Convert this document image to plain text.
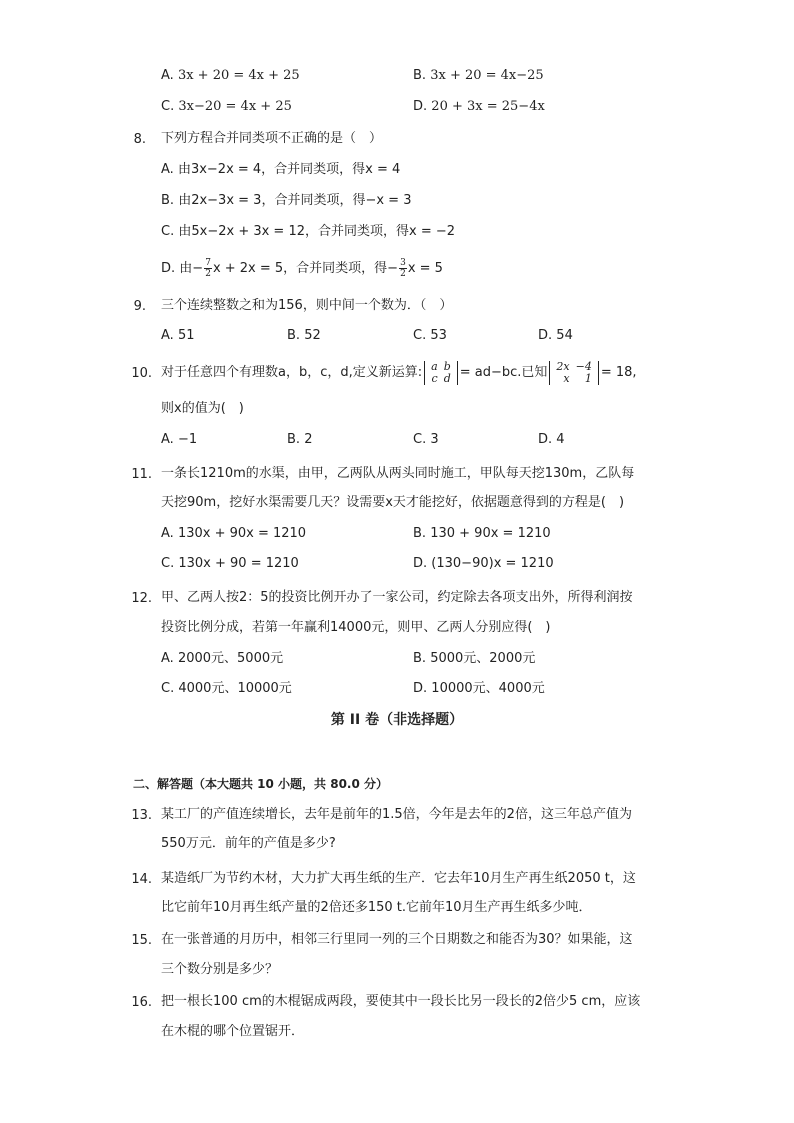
A. 3x + 20 = 4x + 25	B. 3x + 20 = 4x−25
C. 3x−20 = 4x + 25	D. 20 + 3x = 25−4x
8. 下列方程合并同类项不正确的是（　）
A. 由3x−2x = 4，合并同类项，得x = 4
B. 由2x−3x = 3，合并同类项，得−x = 3
C. 由5x−2x + 3x = 12，合并同类项，得x = −2
D. 由− $\frac{7}{2}$ x + 2x = 5，合并同类项，得− $\frac{3}{2}$ x = 5
9. 三个连续整数之和为156，则中间一个数为．（　）
A. 51	B. 52	C. 53	D. 54
10. 对于任意四个有理数a，b，c，d,定义新运算: a	b
c	d = ad−bc.已知 2x	−4
x	1 = 18,
则x的值为(　)
A. −1	B. 2	C. 3	D. 4
11. 一条长1210m的水渠，由甲，乙两队从两头同时施工，甲队每天挖130m，乙队每
天挖90m，挖好水渠需要几天？设需要x天才能挖好，依据题意得到的方程是(　)
A. 130x + 90x = 1210	B. 130 + 90x = 1210
C. 130x + 90 = 1210	D. (130−90)x = 1210
12. 甲、乙两人按2：5的投资比例开办了一家公司，约定除去各项支出外，所得利润按
投资比例分成，若第一年赢利14000元，则甲、乙两人分别应得(　)
A. 2000元、5000元	B. 5000元、2000元
C. 4000元、10000元	D. 10000元、4000元
第 II 卷（非选择题）
二、解答题（本大题共 10 小题，共 80.0 分）
13. 某工厂的产值连续增长，去年是前年的1.5倍，今年是去年的2倍，这三年总产值为
550万元．前年的产值是多少?
14. 某造纸厂为节约木材，大力扩大再生纸的生产．它去年10月生产再生纸2050 t，这
比它前年10月再生纸产量的2倍还多150 t.它前年10月生产再生纸多少吨．
15. 在一张普通的月历中，相邻三行里同一列的三个日期数之和能否为30？如果能，这
三个数分别是多少？
16. 把一根长100 cm的木棍锯成两段，要使其中一段长比另一段长的2倍少5 cm，应该
在木棍的哪个位置锯开．
